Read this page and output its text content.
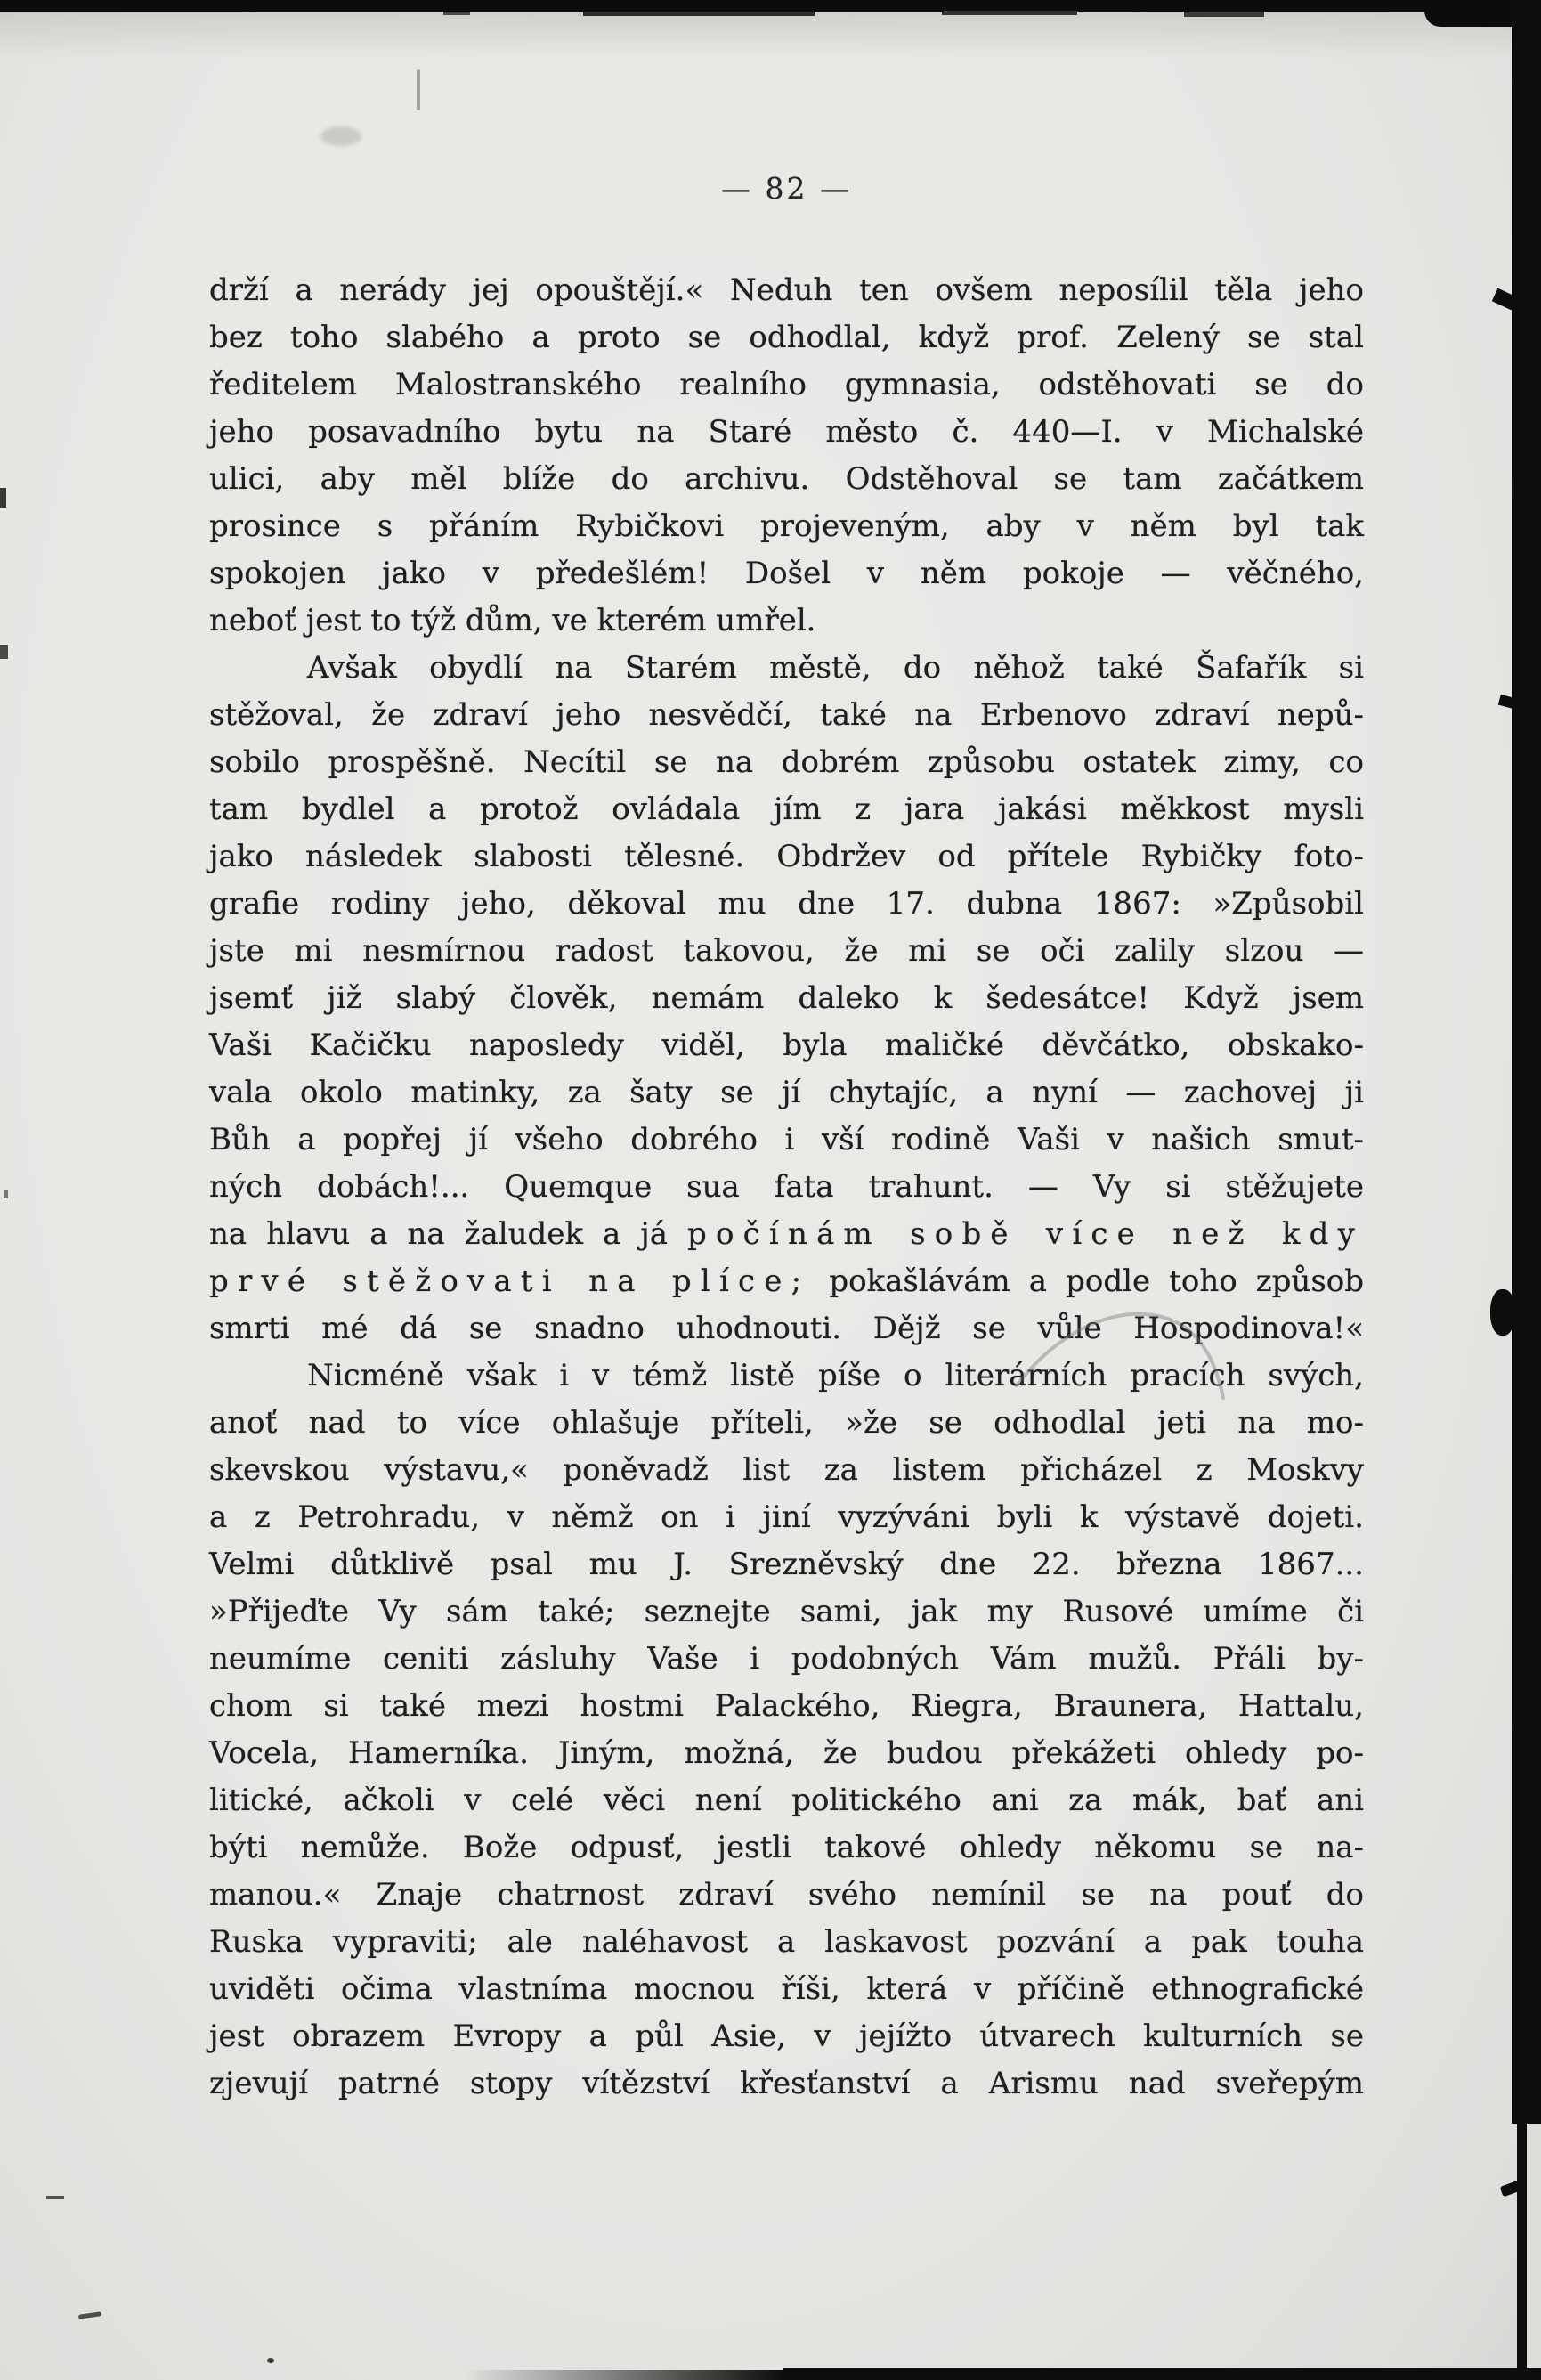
— 82 —
drží a nerády jej opouštějí.« Neduh ten ovšem neposílil těla jeho
bez toho slabého a proto se odhodlal, když prof. Zelený se stal
ředitelem Malostranského realního gymnasia, odstěhovati se do
jeho posavadního bytu na Staré město č. 440—I. v Michalské
ulici, aby měl blíže do archivu. Odstěhoval se tam začátkem
prosince s přáním Rybičkovi projeveným, aby v něm byl tak
spokojen jako v předešlém! Došel v něm pokoje — věčného,
neboť jest to týž dům, ve kterém umřel.
Avšak obydlí na Starém městě, do něhož také Šafařík si
stěžoval, že zdraví jeho nesvědčí, také na Erbenovo zdraví nepů-
sobilo prospěšně. Necítil se na dobrém způsobu ostatek zimy, co
tam bydlel a protož ovládala jím z jara jakási měkkost mysli
jako následek slabosti tělesné. Obdržev od přítele Rybičky foto-
grafie rodiny jeho, děkoval mu dne 17. dubna 1867: »Způsobil
jste mi nesmírnou radost takovou, že mi se oči zalily slzou —
jsemť již slabý člověk, nemám daleko k šedesátce! Když jsem
Vaši Kačičku naposledy viděl, byla maličké děvčátko, obskako-
vala okolo matinky, za šaty se jí chytajíc, a nyní — zachovej ji
Bůh a popřej jí všeho dobrého i vší rodině Vaši v našich smut-
ných dobách!... Quemque sua fata trahunt. — Vy si stěžujete
na hlavu a na žaludek a já počínám sobě více než kdy
prvé stěžovati na plíce; pokašlávám a podle toho způsob
smrti mé dá se snadno uhodnouti. Dějž se vůle Hospodinova!«
Nicméně však i v témž listě píše o literárních pracích svých,
anoť nad to více ohlašuje příteli, »že se odhodlal jeti na mo-
skevskou výstavu,« poněvadž list za listem přicházel z Moskvy
a z Petrohradu, v němž on i jiní vyzýváni byli k výstavě dojeti.
Velmi důtklivě psal mu J. Srezněvský dne 22. března 1867...
»Přijeďte Vy sám také; seznejte sami, jak my Rusové umíme či
neumíme ceniti zásluhy Vaše i podobných Vám mužů. Přáli by-
chom si také mezi hostmi Palackého, Riegra, Braunera, Hattalu,
Vocela, Hamerníka. Jiným, možná, že budou překážeti ohledy po-
litické, ačkoli v celé věci není politického ani za mák, bať ani
býti nemůže. Bože odpusť, jestli takové ohledy někomu se na-
manou.« Znaje chatrnost zdraví svého nemínil se na pouť do
Ruska vypraviti; ale naléhavost a laskavost pozvání a pak touha
uviděti očima vlastníma mocnou říši, která v příčině ethnografické
jest obrazem Evropy a půl Asie, v jejížto útvarech kulturních se
zjevují patrné stopy vítězství křesťanství a Arismu nad sveřepým
